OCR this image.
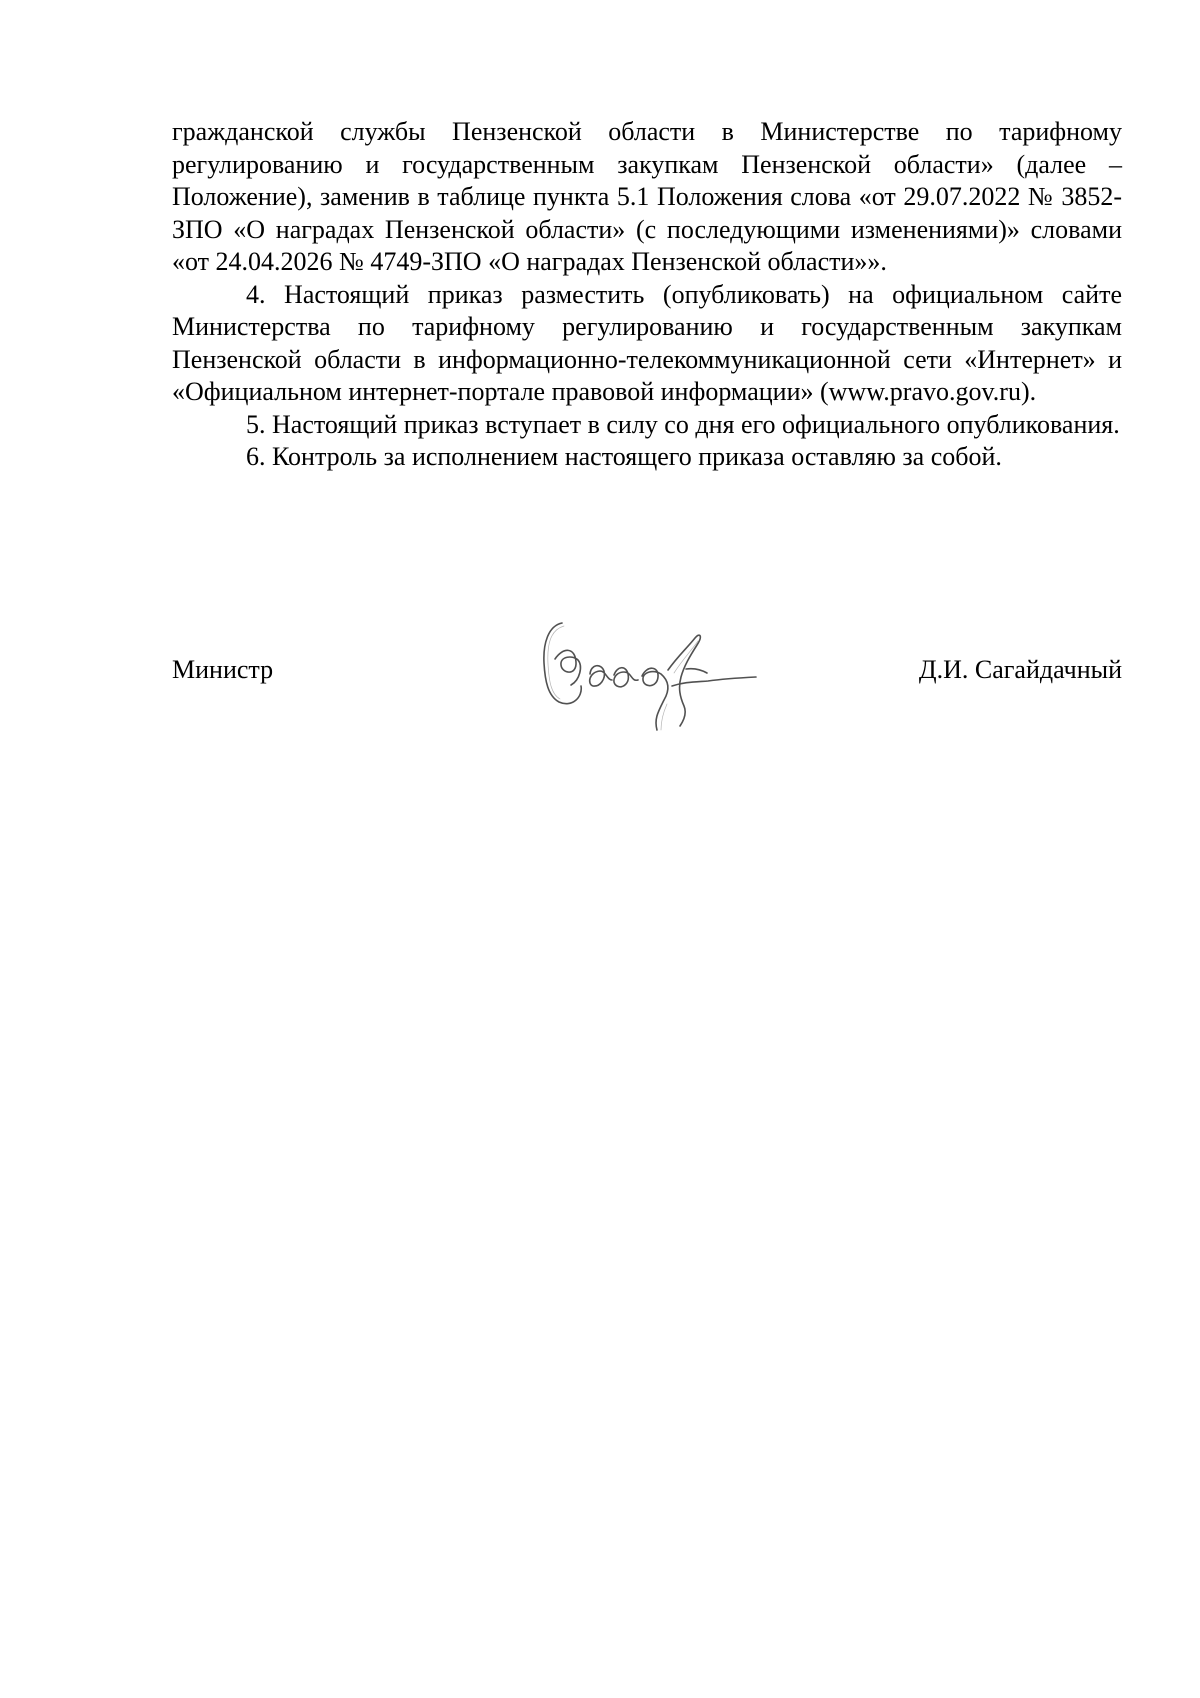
гражданской службы Пензенской области в Министерстве по тарифному регулированию и государственным закупкам Пензенской области» (далее – Положение), заменив в таблице пункта 5.1 Положения слова «от 29.07.2022 № 3852-ЗПО «О наградах Пензенской области» (с последующими изменениями)» словами «от 24.04.2026 № 4749-ЗПО «О наградах Пензенской области»».

4. Настоящий приказ разместить (опубликовать) на официальном сайте Министерства по тарифному регулированию и государственным закупкам Пензенской области в информационно-телекоммуникационной сети «Интернет» и «Официальном интернет-портале правовой информации» (www.pravo.gov.ru).

5. Настоящий приказ вступает в силу со дня его официального опубликования.

6. Контроль за исполнением настоящего приказа оставляю за собой.

Министр	Д.И. Сагайдачный
